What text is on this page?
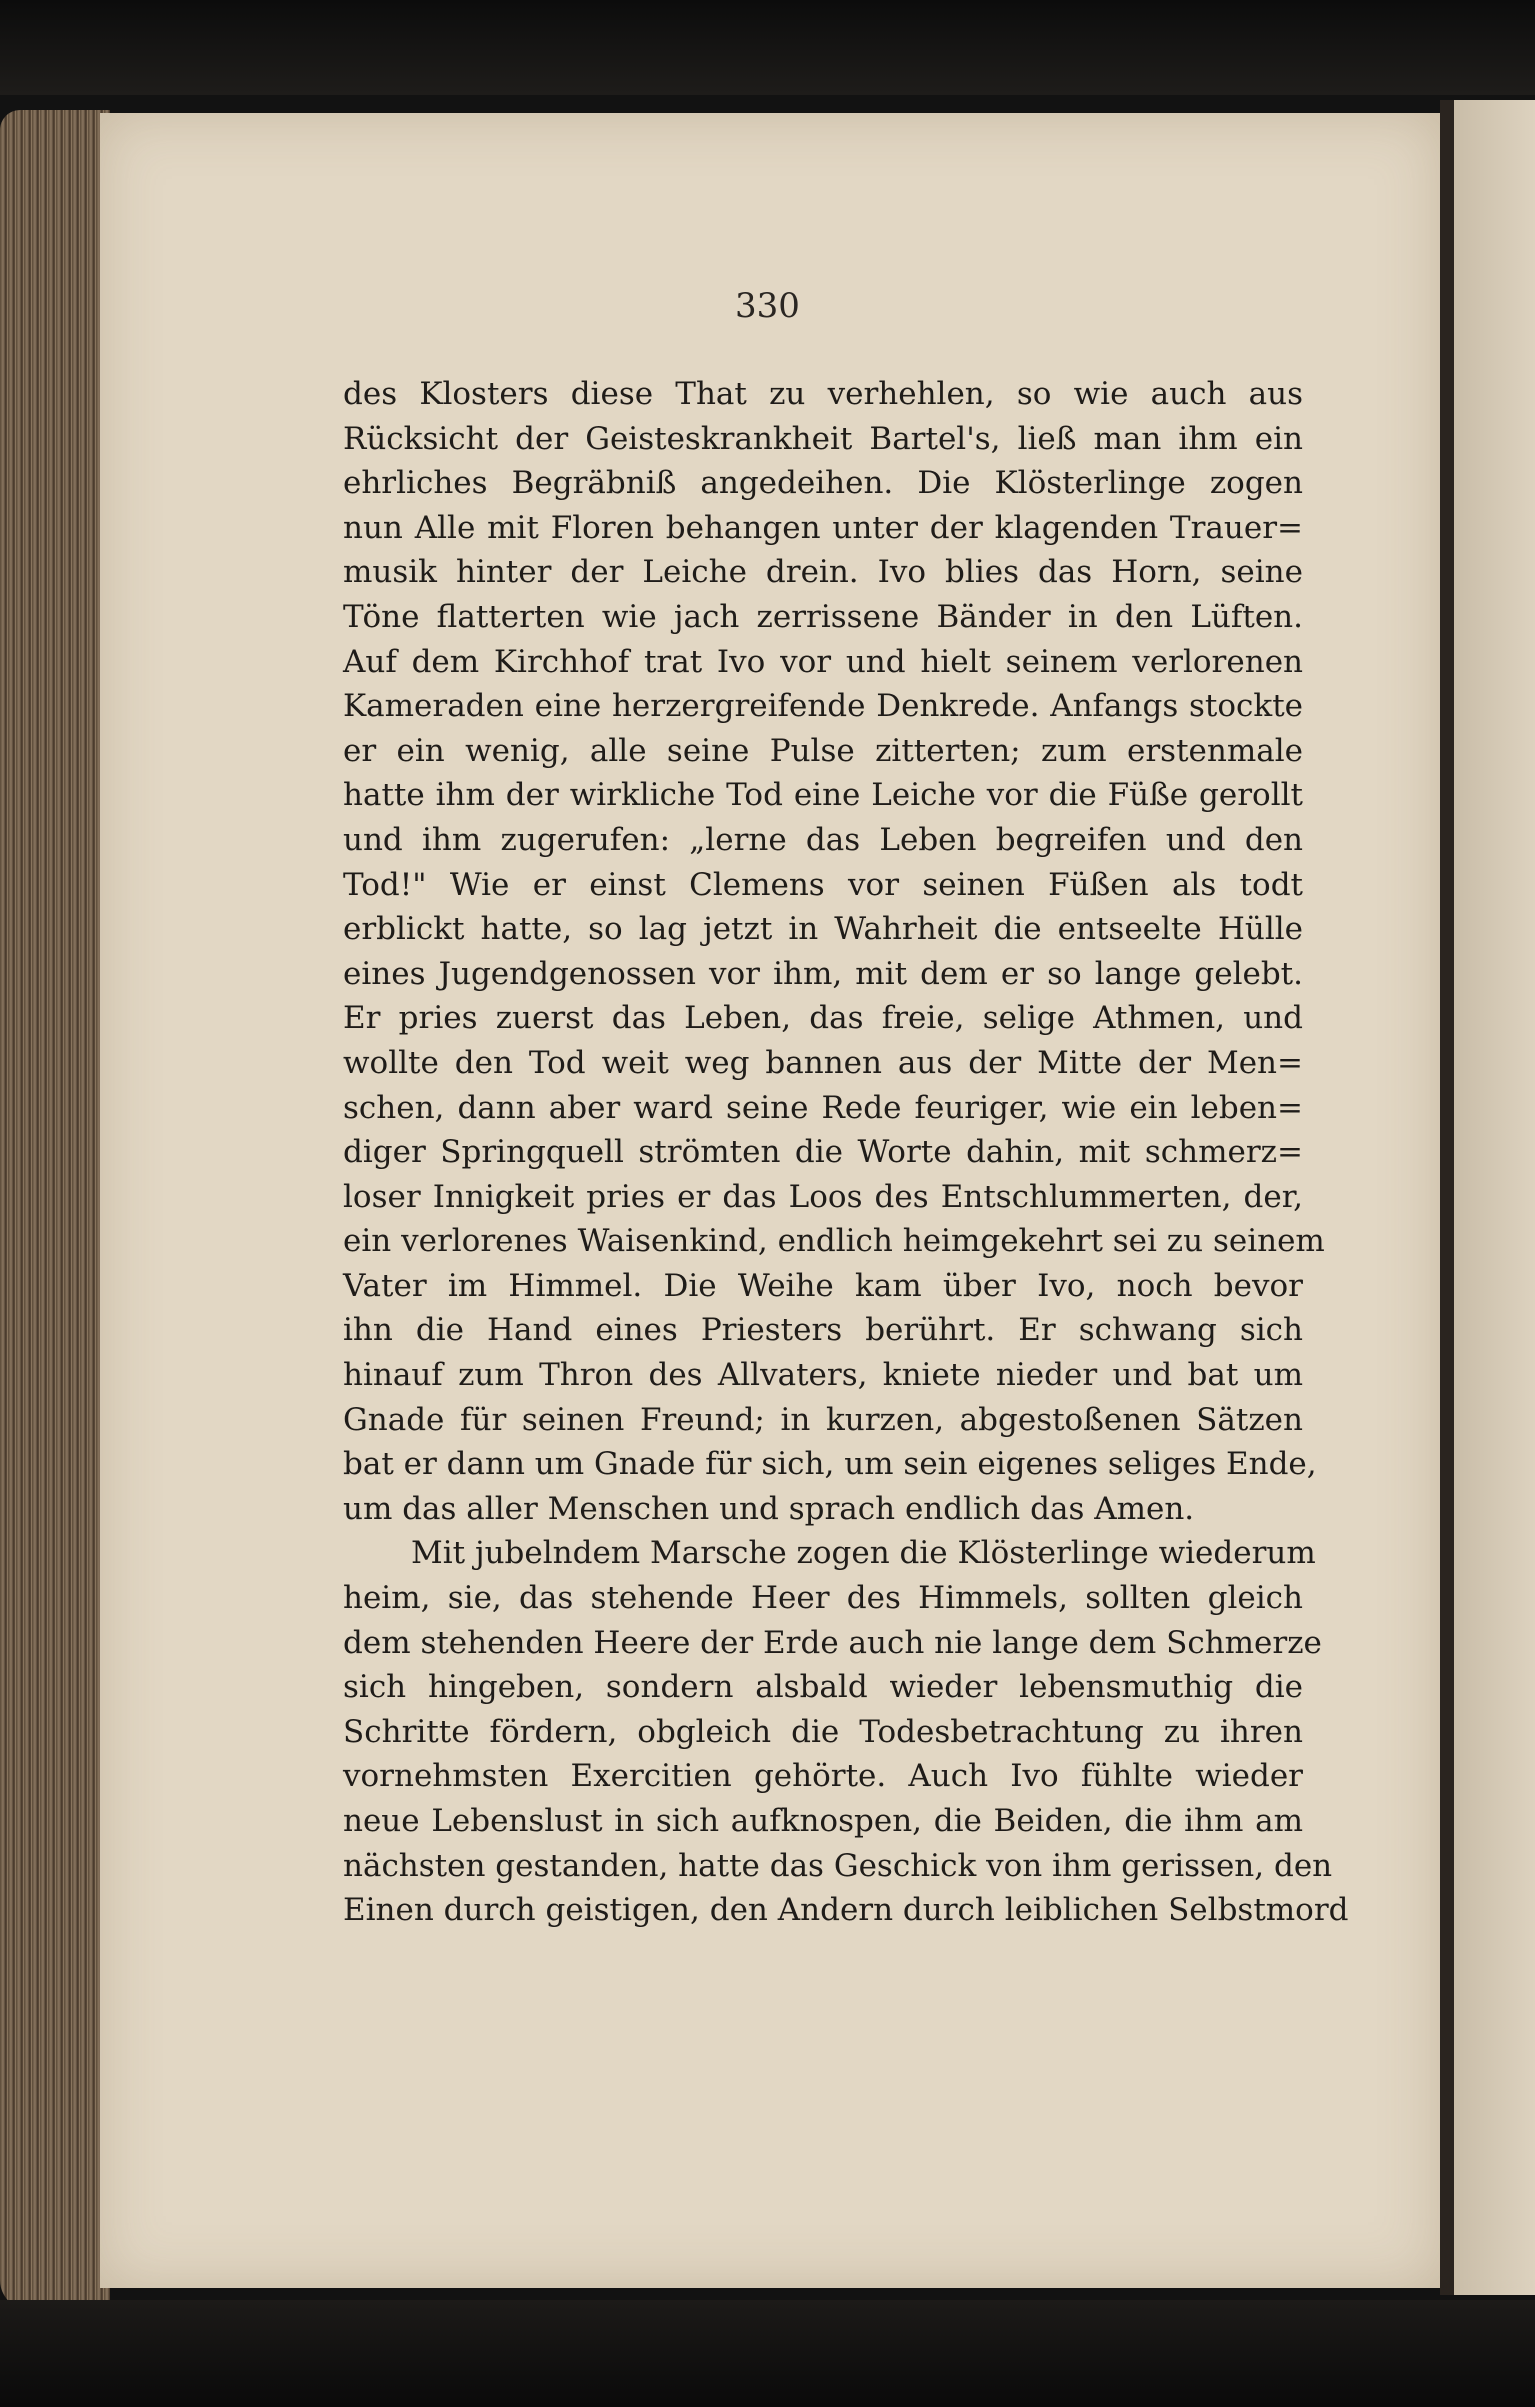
330
des Klosters diese That zu verhehlen, so wie auch aus
Rücksicht der Geisteskrankheit Bartel's, ließ man ihm ein
ehrliches Begräbniß angedeihen. Die Klösterlinge zogen
nun Alle mit Floren behangen unter der klagenden Trauer=
musik hinter der Leiche drein. Ivo blies das Horn, seine
Töne flatterten wie jach zerrissene Bänder in den Lüften.
Auf dem Kirchhof trat Ivo vor und hielt seinem verlorenen
Kameraden eine herzergreifende Denkrede. Anfangs stockte
er ein wenig, alle seine Pulse zitterten; zum erstenmale
hatte ihm der wirkliche Tod eine Leiche vor die Füße gerollt
und ihm zugerufen: „lerne das Leben begreifen und den
Tod!" Wie er einst Clemens vor seinen Füßen als todt
erblickt hatte, so lag jetzt in Wahrheit die entseelte Hülle
eines Jugendgenossen vor ihm, mit dem er so lange gelebt.
Er pries zuerst das Leben, das freie, selige Athmen, und
wollte den Tod weit weg bannen aus der Mitte der Men=
schen, dann aber ward seine Rede feuriger, wie ein leben=
diger Springquell strömten die Worte dahin, mit schmerz=
loser Innigkeit pries er das Loos des Entschlummerten, der,
ein verlorenes Waisenkind, endlich heimgekehrt sei zu seinem
Vater im Himmel. Die Weihe kam über Ivo, noch bevor
ihn die Hand eines Priesters berührt. Er schwang sich
hinauf zum Thron des Allvaters, kniete nieder und bat um
Gnade für seinen Freund; in kurzen, abgestoßenen Sätzen
bat er dann um Gnade für sich, um sein eigenes seliges Ende,
um das aller Menschen und sprach endlich das Amen.
Mit jubelndem Marsche zogen die Klösterlinge wiederum
heim, sie, das stehende Heer des Himmels, sollten gleich
dem stehenden Heere der Erde auch nie lange dem Schmerze
sich hingeben, sondern alsbald wieder lebensmuthig die
Schritte fördern, obgleich die Todesbetrachtung zu ihren
vornehmsten Exercitien gehörte. Auch Ivo fühlte wieder
neue Lebenslust in sich aufknospen, die Beiden, die ihm am
nächsten gestanden, hatte das Geschick von ihm gerissen, den
Einen durch geistigen, den Andern durch leiblichen Selbstmord
